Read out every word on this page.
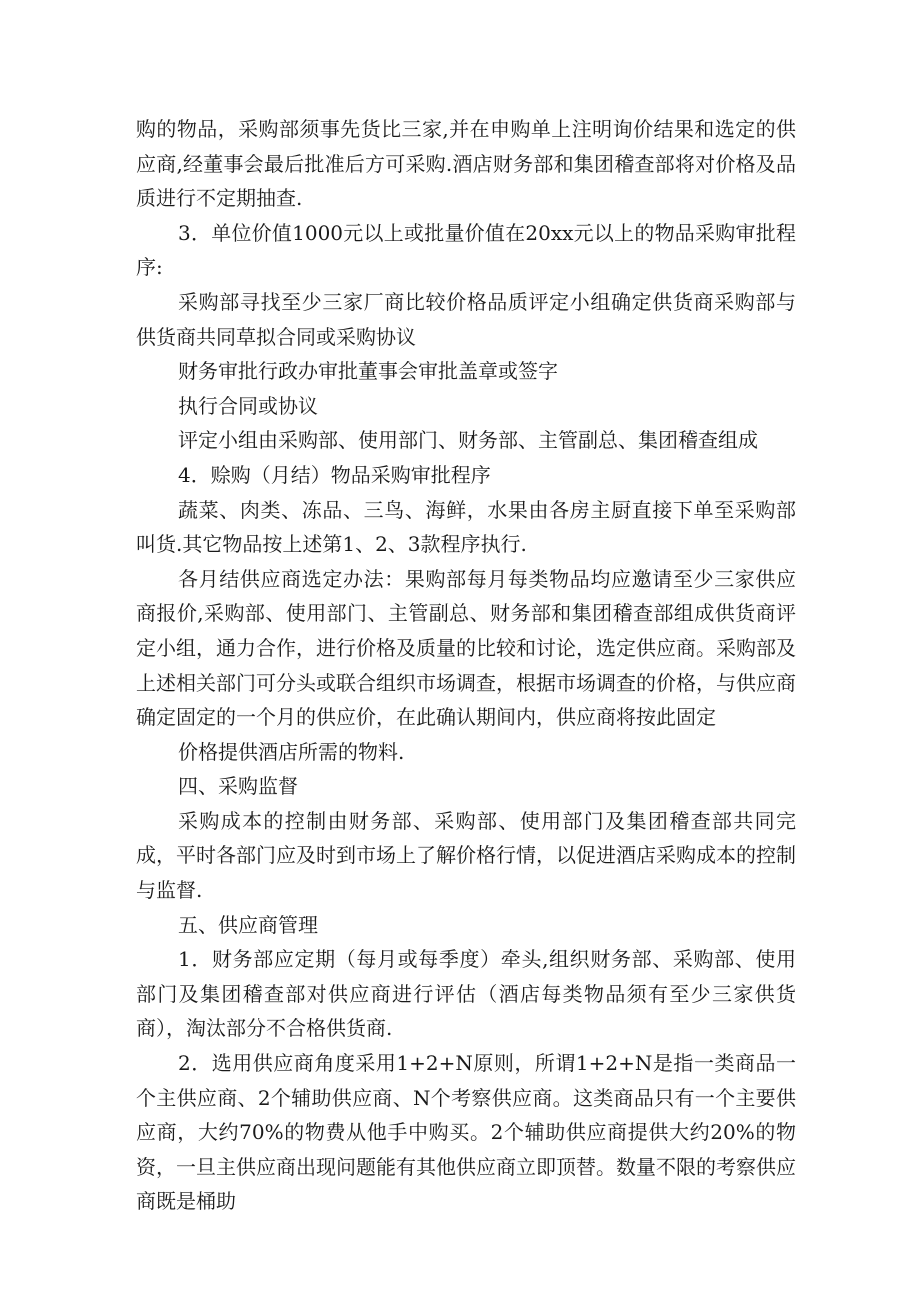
购的物品，采购部须事先货比三家,并在申购单上注明询价结果和选定的供应商,经董事会最后批准后方可采购.酒店财务部和集团稽查部将对价格及品质进行不定期抽查.

3．单位价值1000元以上或批量价值在20xx元以上的物品采购审批程序:

采购部寻找至少三家厂商比较价格品质评定小组确定供货商采购部与供货商共同草拟合同或采购协议

财务审批行政办审批董事会审批盖章或签字

执行合同或协议

评定小组由采购部、使用部门、财务部、主管副总、集团稽查组成

4．赊购（月结）物品采购审批程序

蔬菜、肉类、冻品、三鸟、海鲜，水果由各房主厨直接下单至采购部叫货.其它物品按上述第1、2、3款程序执行.

各月结供应商选定办法：果购部每月每类物品均应邀请至少三家供应商报价,采购部、使用部门、主管副总、财务部和集团稽查部组成供货商评定小组，通力合作，进行价格及质量的比较和讨论，选定供应商。采购部及上述相关部门可分头或联合组织市场调查，根据市场调查的价格，与供应商确定固定的一个月的供应价，在此确认期间内，供应商将按此固定

价格提供酒店所需的物料.

四、采购监督

采购成本的控制由财务部、采购部、使用部门及集团稽查部共同完成，平时各部门应及时到市场上了解价格行情，以促进酒店采购成本的控制与监督.

五、供应商管理

1．财务部应定期（每月或每季度）牵头,组织财务部、采购部、使用部门及集团稽查部对供应商进行评估（酒店每类物品须有至少三家供货商），淘汰部分不合格供货商.

2．选用供应商角度采用1+2+N原则，所谓1+2+N是指一类商品一个主供应商、2个辅助供应商、N个考察供应商。这类商品只有一个主要供应商，大约70%的物费从他手中购买。2个辅助供应商提供大约20%的物资，一旦主供应商出现问题能有其他供应商立即顶替。数量不限的考察供应商既是桶助
